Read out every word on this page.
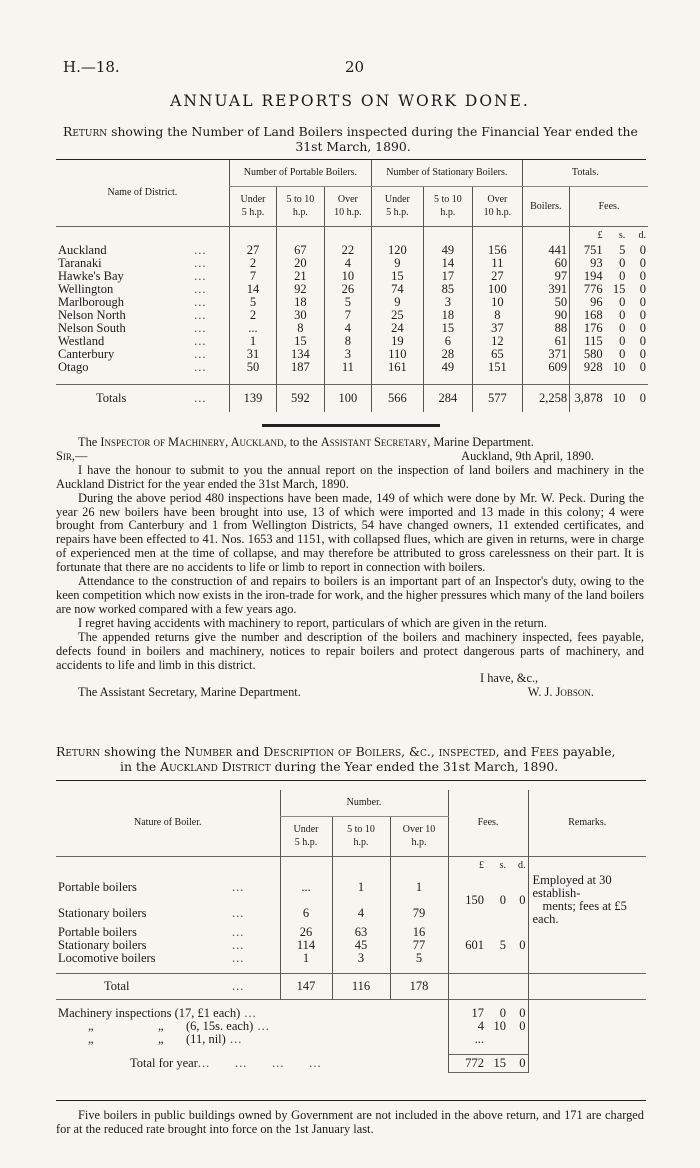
H.—18.	20
ANNUAL REPORTS ON WORK DONE.
Return showing the Number of Land Boilers inspected during the Financial Year ended the
31st March, 1890.
Name of District.		Number of Portable Boilers.			Number of Stationary Boilers.			Totals.			
		Under
5 h.p.	5 to 10
h.p.	Over
10 h.p.	Under
5 h.p.	5 to 10
h.p.	Over
10 h.p.	Boilers.	Fees.		
									£	s.	d.
Auckland	...	27	67	22	120	49	156	441	751	5	0
Taranaki	...	2	20	4	9	14	11	60	93	0	0
Hawke's Bay	...	7	21	10	15	17	27	97	194	0	0
Wellington	...	14	92	26	74	85	100	391	776	15	0
Marlborough	...	5	18	5	9	3	10	50	96	0	0
Nelson North	...	2	30	7	25	18	8	90	168	0	0
Nelson South	...	...	8	4	24	15	37	88	176	0	0
Westland	...	1	15	8	19	6	12	61	115	0	0
Canterbury	...	31	134	3	110	28	65	371	580	0	0
Otago	...	50	187	11	161	49	151	609	928	10	0

Totals	...	139	592	100	566	284	577	2,258	3,878	10	0

The Inspector of Machinery, Auckland, to the Assistant Secretary, Marine Department.

Sir,—	Auckland, 9th April, 1890.

I have the honour to submit to you the annual report on the inspection of land boilers and machinery in the Auckland District for the year ended the 31st March, 1890.

During the above period 480 inspections have been made, 149 of which were done by Mr. W. Peck. During the year 26 new boilers have been brought into use, 13 of which were imported and 13 made in this colony; 4 were brought from Canterbury and 1 from Wellington Districts, 54 have changed owners, 11 extended certificates, and repairs have been effected to 41. Nos. 1653 and 1151, with collapsed flues, which are given in returns, were in charge of experienced men at the time of collapse, and may therefore be attributed to gross carelessness on their part. It is fortunate that there are no accidents to life or limb to report in connection with boilers.

Attendance to the construction of and repairs to boilers is an important part of an Inspector's duty, owing to the keen competition which now exists in the iron-trade for work, and the higher pressures which many of the land boilers are now worked compared with a few years ago.

I regret having accidents with machinery to report, particulars of which are given in the return.

The appended returns give the number and description of the boilers and machinery inspected, fees payable, defects found in boilers and machinery, notices to repair boilers and protect dangerous parts of machinery, and accidents to life and limb in this district.

I have, &c.,

The Assistant Secretary, Marine Department.	W. J. Jobson.

Return showing the Number and Description of Boilers, &c., inspected, and Fees payable,
in the Auckland District during the Year ended the 31st March, 1890.
Nature of Boiler.		Number.			Fees.			Remarks.
		Under
5 h.p.	5 to 10
h.p.	Over 10
h.p.				
					£	s.	d.	
Portable boilers	...	...	1	1	150	0	0	Employed at 30 establish-
ments; fees at £5 each.
Stationary boilers	...	6	4	79				
Portable boilers	...	26	63	16	601	5	0	
Stationary boilers	...	114	45	77				
Locomotive boilers	...	1	3	5				

Total	...	147	116	178				

Machinery inspections (17, £1 each) ...					17	0	0	
„ „ (6, 15s. each) ...					4	10	0	
„ „ (11, nil) ...					...			

Total for year...      ...      ...      ...					772	15	0	
Five boilers in public buildings owned by Government are not included in the above return, and 171 are charged for at the reduced rate brought into force on the 1st January last.
